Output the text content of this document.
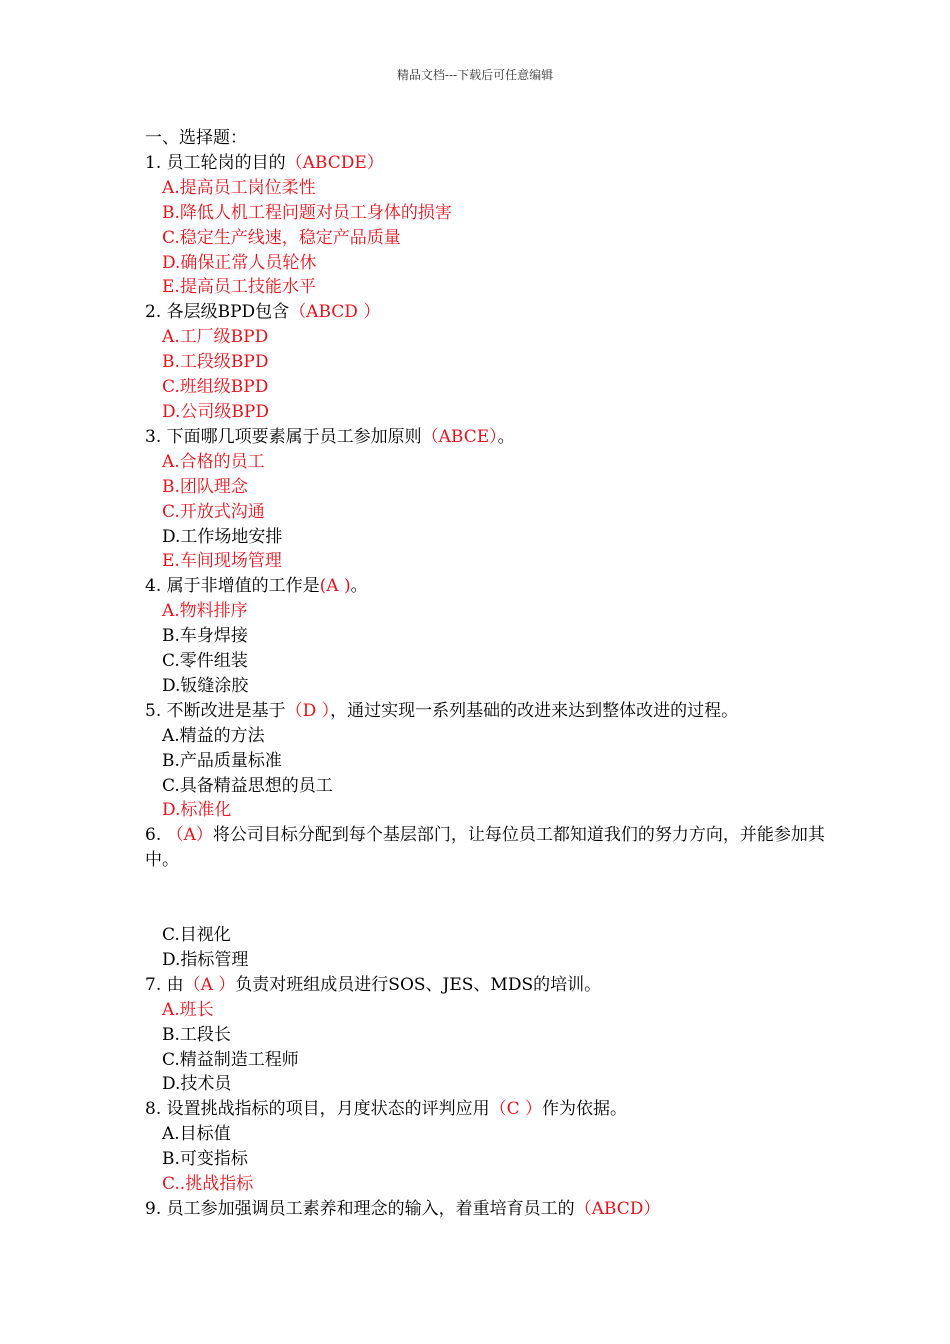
精品文档---下载后可任意编辑
一、选择题：
1. 员工轮岗的目的（ABCDE）
A.提高员工岗位柔性
B.降低人机工程问题对员工身体的损害
C.稳定生产线速，稳定产品质量
D.确保正常人员轮休
E.提高员工技能水平
2. 各层级BPD包含（ABCD ）
A.工厂级BPD
B.工段级BPD
C.班组级BPD
D.公司级BPD
3. 下面哪几项要素属于员工参加原则（ABCE）。
A.合格的员工
B.团队理念
C.开放式沟通
D.工作场地安排
E.车间现场管理
4. 属于非增值的工作是(A )。
A.物料排序
B.车身焊接
C.零件组装
D.钣缝涂胶
5. 不断改进是基于（D ），通过实现一系列基础的改进来达到整体改进的过程。
A.精益的方法
B.产品质量标准
C.具备精益思想的员工
D.标准化
6. （A）将公司目标分配到每个基层部门，让每位员工都知道我们的努力方向，并能参加其中。
C.目视化
D.指标管理
7. 由（A ）负责对班组成员进行SOS、JES、MDS的培训。
A.班长
B.工段长
C.精益制造工程师
D.技术员
8. 设置挑战指标的项目，月度状态的评判应用（C ）作为依据。
A.目标值
B.可变指标
C..挑战指标
9. 员工参加强调员工素养和理念的输入，着重培育员工的（ABCD）
